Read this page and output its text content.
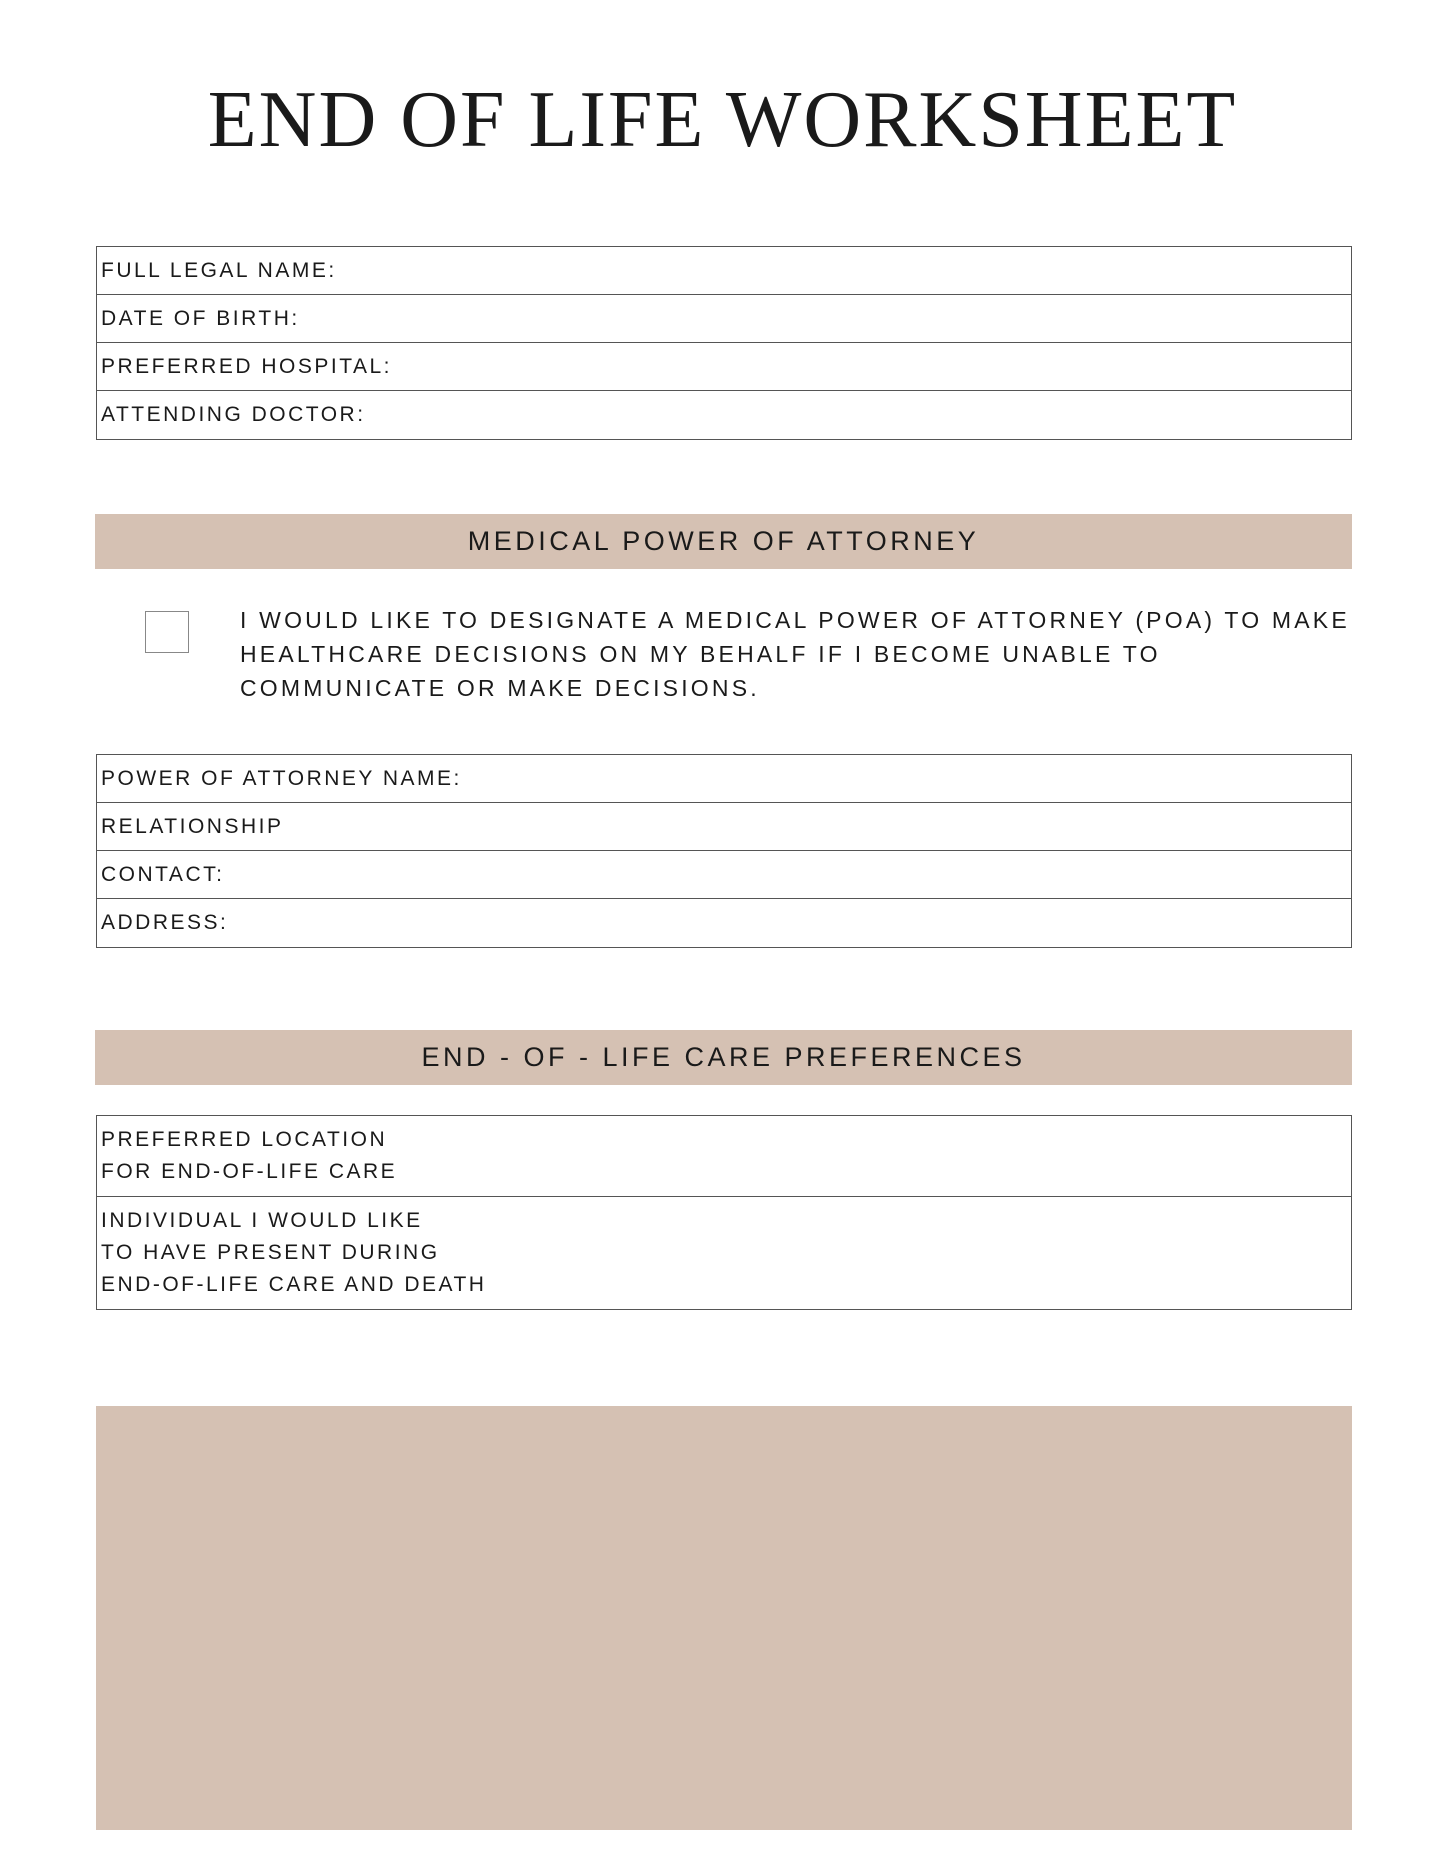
END OF LIFE WORKSHEET
FULL LEGAL NAME:
DATE OF BIRTH:
PREFERRED HOSPITAL:
ATTENDING DOCTOR:
MEDICAL POWER OF ATTORNEY
I WOULD LIKE TO DESIGNATE A MEDICAL POWER OF ATTORNEY (POA) TO MAKE
HEALTHCARE DECISIONS ON MY BEHALF IF I BECOME UNABLE TO
COMMUNICATE OR MAKE DECISIONS.
POWER OF ATTORNEY NAME:
RELATIONSHIP
CONTACT:
ADDRESS:
END - OF - LIFE CARE PREFERENCES
PREFERRED LOCATION
FOR END-OF-LIFE CARE
INDIVIDUAL I WOULD LIKE
TO HAVE PRESENT DURING
END-OF-LIFE CARE AND DEATH
